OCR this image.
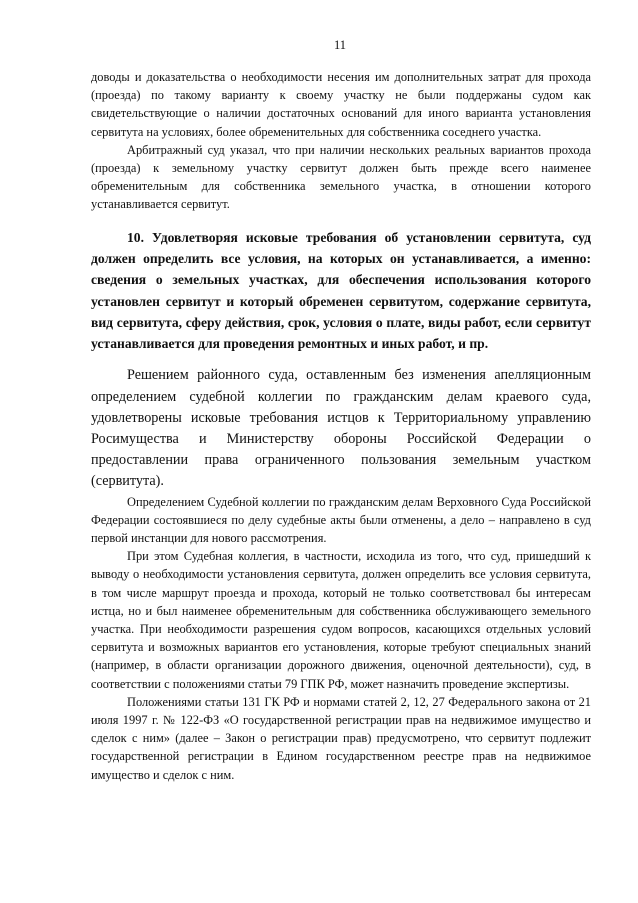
11

доводы и доказательства о необходимости несения им дополнительных затрат для прохода (проезда) по такому варианту к своему участку не были поддержаны судом как свидетельствующие о наличии достаточных оснований для иного варианта установления сервитута на условиях, более обременительных для собственника соседнего участка.

Арбитражный суд указал, что при наличии нескольких реальных вариантов прохода (проезда) к земельному участку сервитут должен быть прежде всего наименее обременительным для собственника земельного участка, в отношении которого устанавливается сервитут.

10. Удовлетворяя исковые требования об установлении сервитута, суд должен определить все условия, на которых он устанавливается, а именно: сведения о земельных участках, для обеспечения использования которого установлен сервитут и который обременен сервитутом, содержание сервитута, вид сервитута, сферу действия, срок, условия о плате, виды работ, если сервитут устанавливается для проведения ремонтных и иных работ, и пр.

Решением районного суда, оставленным без изменения апелляционным определением судебной коллегии по гражданским делам краевого суда, удовлетворены исковые требования истцов к Территориальному управлению Росимущества и Министерству обороны Российской Федерации о предоставлении права ограниченного пользования земельным участком (сервитута).

Определением Судебной коллегии по гражданским делам Верховного Суда Российской Федерации состоявшиеся по делу судебные акты были отменены, а дело – направлено в суд первой инстанции для нового рассмотрения.

При этом Судебная коллегия, в частности, исходила из того, что суд, пришедший к выводу о необходимости установления сервитута, должен определить все условия сервитута, в том числе маршрут проезда и прохода, который не только соответствовал бы интересам истца, но и был наименее обременительным для собственника обслуживающего земельного участка. При необходимости разрешения судом вопросов, касающихся отдельных условий сервитута и возможных вариантов его установления, которые требуют специальных знаний (например, в области организации дорожного движения, оценочной деятельности), суд, в соответствии с положениями статьи 79 ГПК РФ, может назначить проведение экспертизы.

Положениями статьи 131 ГК РФ и нормами статей 2, 12, 27 Федерального закона от 21 июля 1997 г. № 122-ФЗ «О государственной регистрации прав на недвижимое имущество и сделок с ним» (далее – Закон о регистрации прав) предусмотрено, что сервитут подлежит государственной регистрации в Едином государственном реестре прав на недвижимое имущество и сделок с ним.
